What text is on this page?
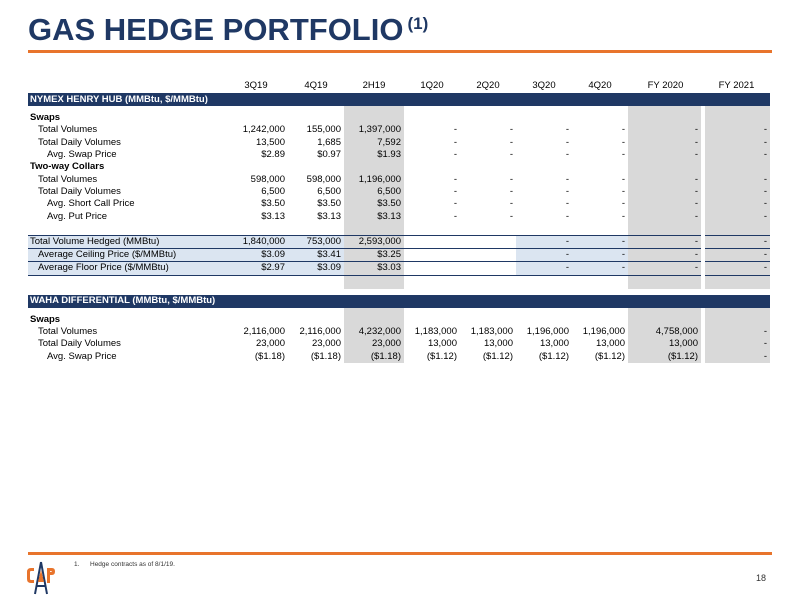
GAS HEDGE PORTFOLIO $^{(1)}$
	3Q19	4Q19	2H19	1Q20	2Q20	3Q20	4Q20	FY 2020	FY 2021
NYMEX HENRY HUB (MMBtu, $/MMBtu)									

Swaps									
Total Volumes	1,242,000	155,000	1,397,000	-	-	-	-	-	-
Total Daily Volumes	13,500	1,685	7,592	-	-	-	-	-	-
Avg. Swap Price	$2.89	$0.97	$1.93	-	-	-	-	-	-
Two-way Collars									
Total Volumes	598,000	598,000	1,196,000	-	-	-	-	-	-
Total Daily Volumes	6,500	6,500	6,500	-	-	-	-	-	-
Avg. Short Call Price	$3.50	$3.50	$3.50	-	-	-	-	-	-
Avg. Put Price	$3.13	$3.13	$3.13	-	-	-	-	-	-

Total Volume Hedged (MMBtu)	1,840,000	753,000	2,593,000			-	-	-	-
Average Ceiling Price ($/MMBtu)	$3.09	$3.41	$3.25			-	-	-	-
Average Floor Price ($/MMBtu)	$2.97	$3.09	$3.03			-	-	-	-

WAHA DIFFERENTIAL (MMBtu, $/MMBtu)									

Swaps									
Total Volumes	2,116,000	2,116,000	4,232,000	1,183,000	1,183,000	1,196,000	1,196,000	4,758,000	-
Total Daily Volumes	23,000	23,000	23,000	13,000	13,000	13,000	13,000	13,000	-
Avg. Swap Price	($1.18)	($1.18)	($1.18)	($1.12)	($1.12)	($1.12)	($1.12)	($1.12)	-
1. Hedge contracts as of 8/1/19.
18
